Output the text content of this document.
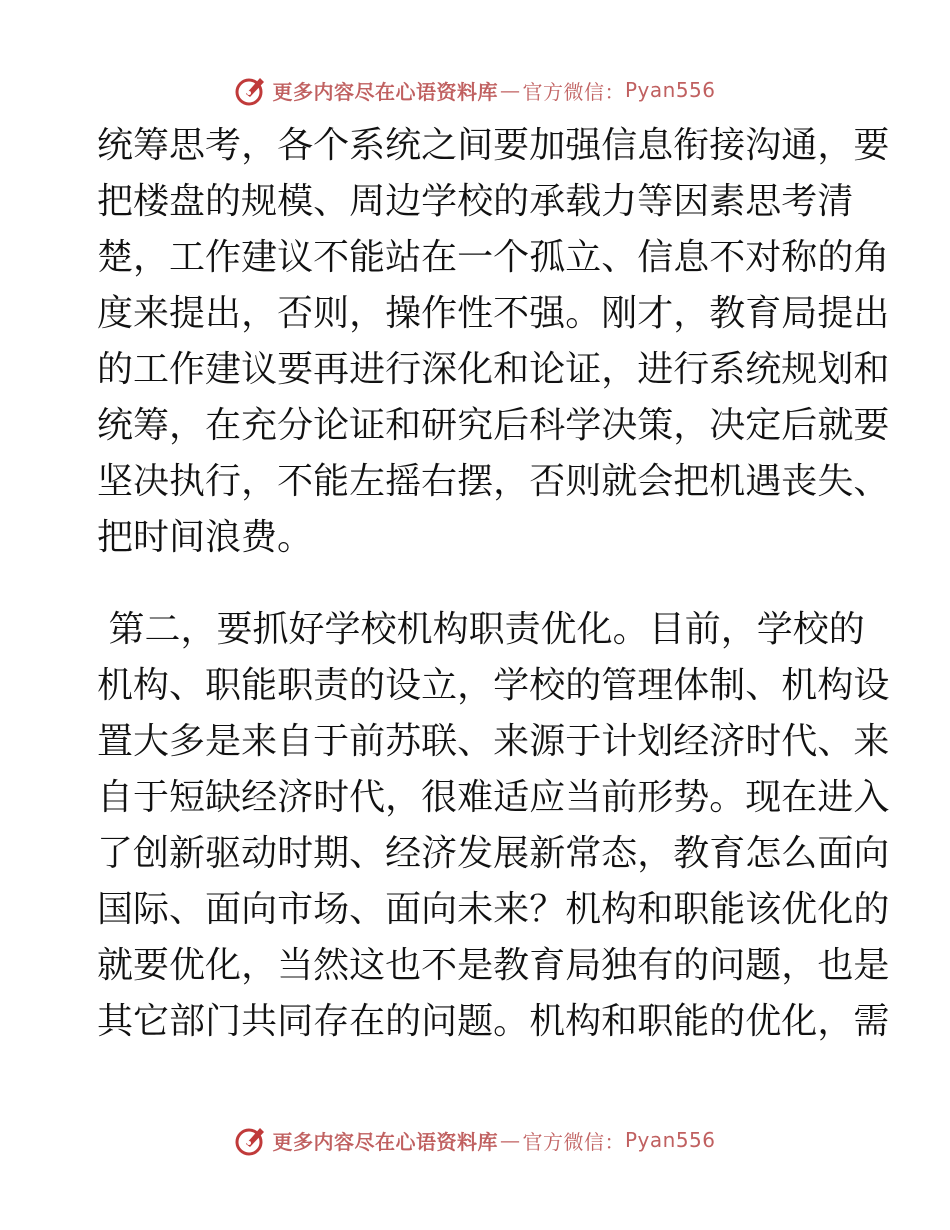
更多内容尽在心语资料库 — 官方微信： Pyan556
统 筹 思 考 ， 各 个 系 统 之 间 要 加 强 信 息 衔 接 沟 通 ， 要
把 楼 盘 的 规 模 、 周 边 学 校 的 承 载 力 等 因 素 思 考 清
楚 ， 工 作 建 议 不 能 站 在 一 个 孤 立 、 信 息 不 对 称 的 角
度 来 提 出 ， 否 则 ， 操 作 性 不 强 。 刚 才 ， 教 育 局 提 出
的 工 作 建 议 要 再 进 行 深 化 和 论 证 ， 进 行 系 统 规 划 和
统 筹 ， 在 充 分 论 证 和 研 究 后 科 学 决 策 ， 决 定 后 就 要
坚 决 执 行 ， 不 能 左 摇 右 摆 ， 否 则 就 会 把 机 遇 丧 失 、
把时间浪费。

第 二 ， 要 抓 好 学 校 机 构 职 责 优 化 。 目 前 ， 学 校 的
机 构 、 职 能 职 责 的 设 立 ， 学 校 的 管 理 体 制 、 机 构 设
置 大 多 是 来 自 于 前 苏 联 、 来 源 于 计 划 经 济 时 代 、 来
自 于 短 缺 经 济 时 代 ， 很 难 适 应 当 前 形 势 。 现 在 进 入
了 创 新 驱 动 时 期 、 经 济 发 展 新 常 态 ， 教 育 怎 么 面 向
国 际 、 面 向 市 场 、 面 向 未 来 ？ 机 构 和 职 能 该 优 化 的
就 要 优 化 ， 当 然 这 也 不 是 教 育 局 独 有 的 问 题 ， 也 是
其 它 部 门 共 同 存 在 的 问 题 。 机 构 和 职 能 的 优 化 ， 需
更多内容尽在心语资料库 — 官方微信： Pyan556
